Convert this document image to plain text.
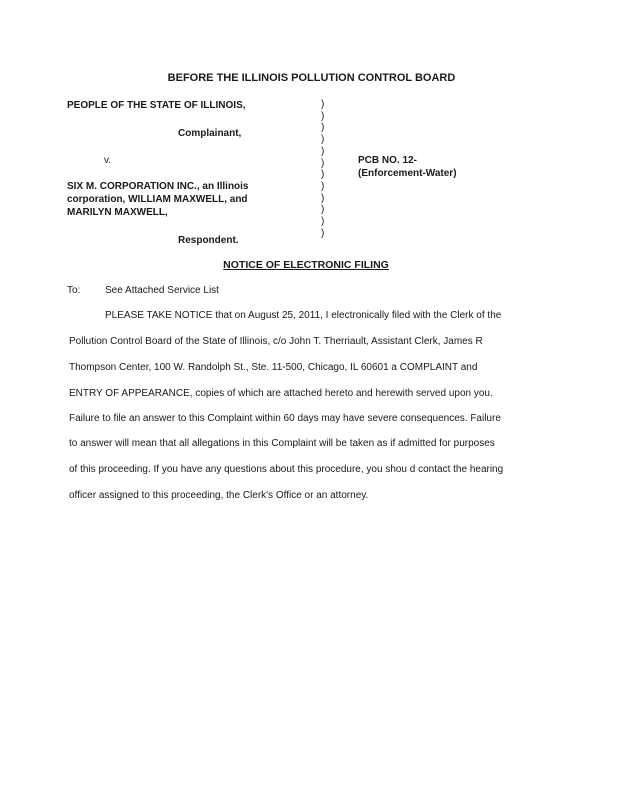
BEFORE THE ILLINOIS POLLUTION CONTROL BOARD
PEOPLE OF THE STATE OF ILLINOIS,
Complainant,
v.
SIX M. CORPORATION INC., an Illinois
corporation, WILLIAM MAXWELL, and
MARILYN MAXWELL,
Respondent.
)
)
)
)
)
)
)
)
)
)
)
)
PCB NO. 12-
(Enforcement-Water)
NOTICE OF ELECTRONIC FILING
To: See Attached Service List
PLEASE TAKE NOTICE that on August 25, 2011, I electronically filed with the Clerk of the
Pollution Control Board of the State of Illinois, c/o John T. Therriault, Assistant Clerk, James R
Thompson Center, 100 W. Randolph St., Ste. 11-500, Chicago, IL 60601 a COMPLAINT and
ENTRY OF APPEARANCE, copies of which are attached hereto and herewith served upon you.
Failure to file an answer to this Complaint within 60 days may have severe consequences. Failure
to answer will mean that all allegations in this Complaint will be taken as if admitted for purposes
of this proceeding. If you have any questions about this procedure, you shou d contact the hearing
officer assigned to this proceeding, the Clerk's Office or an attorney.
